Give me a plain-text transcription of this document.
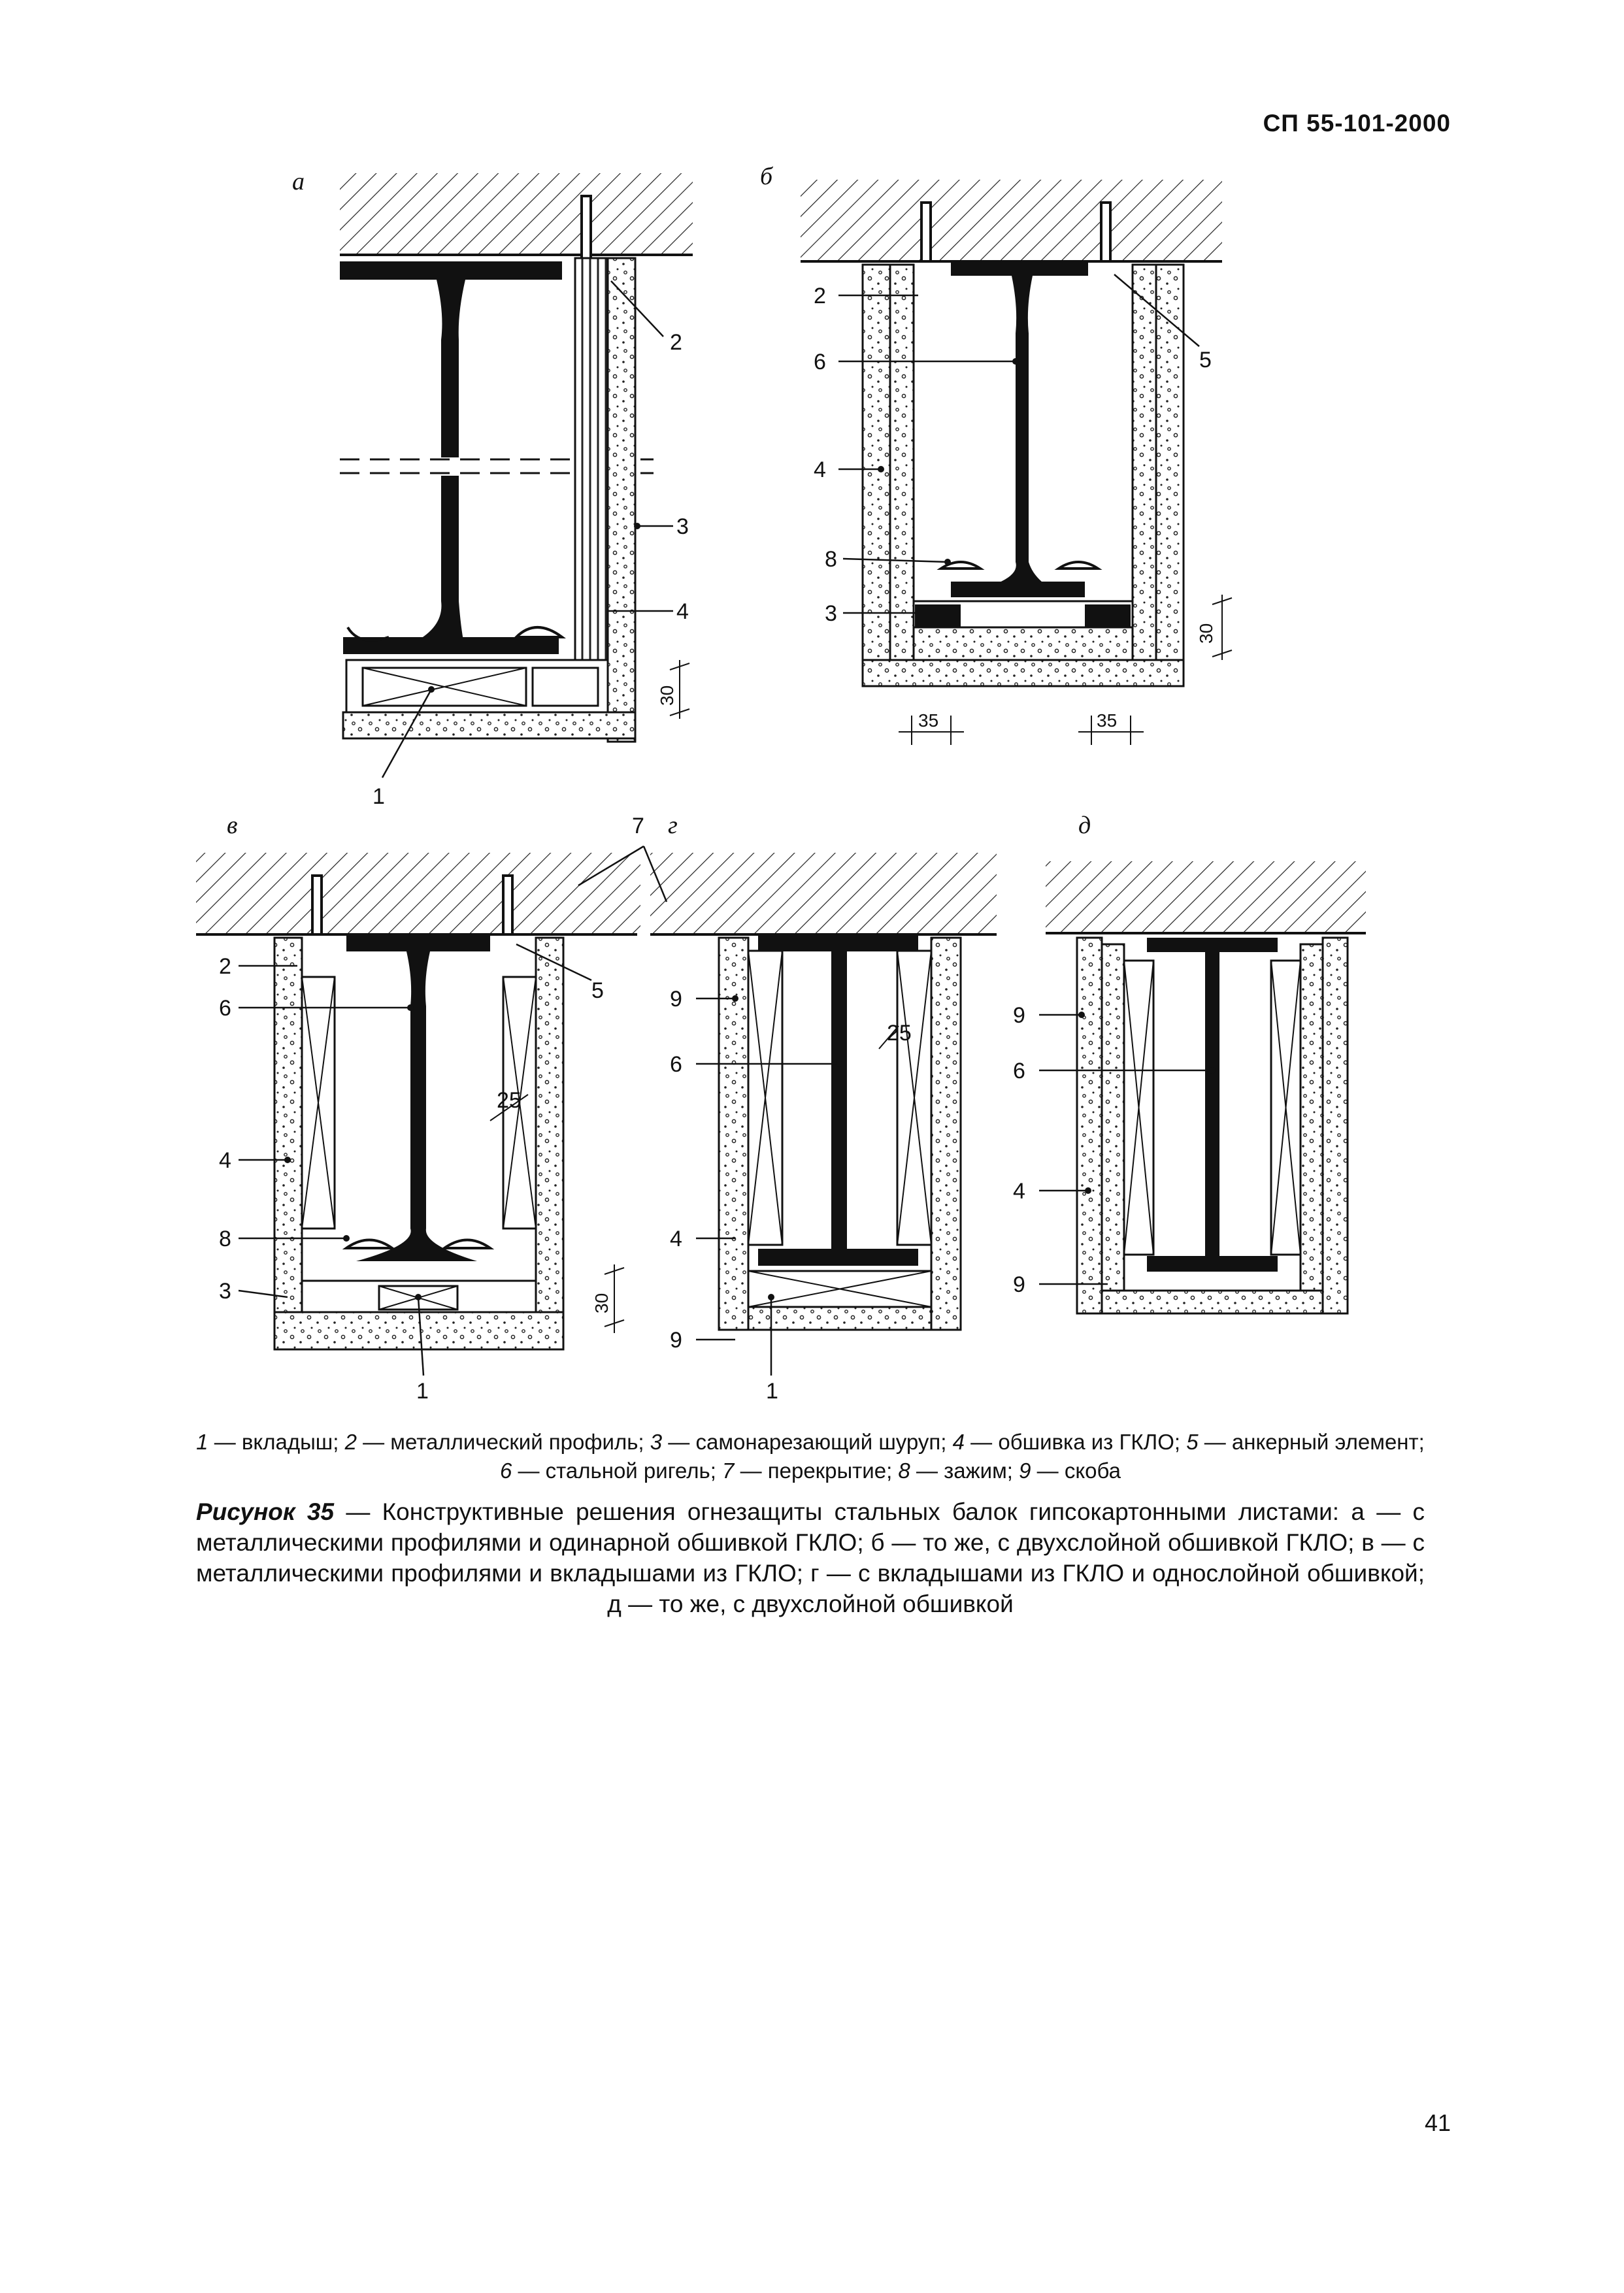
СП 55-101-2000
а
2
3
4
1
30
б
2
5
6
4
8
3
30
35	35
в
2
5
6
25
4
8
3
1
30
7 г
9
25
6
4
9
1
д
9
6
4
9
1 — вкладыш; 2 — металлический профиль; 3 — самонарезающий шуруп; 4 — обшивка из ГКЛО; 5 — анкерный элемент; 6 — стальной ригель; 7 — перекрытие; 8 — зажим; 9 — скоба
Рисунок 35 — Конструктивные решения огнезащиты стальных балок гипсокартонными листами: а — с металлическими профилями и одинарной обшивкой ГКЛО; б — то же, с двухслойной обшивкой ГКЛО; в — с металлическими профилями и вкладышами из ГКЛО; г — с вкладышами из ГКЛО и однослойной обшивкой; д — то же, с двухслойной обшивкой
41
